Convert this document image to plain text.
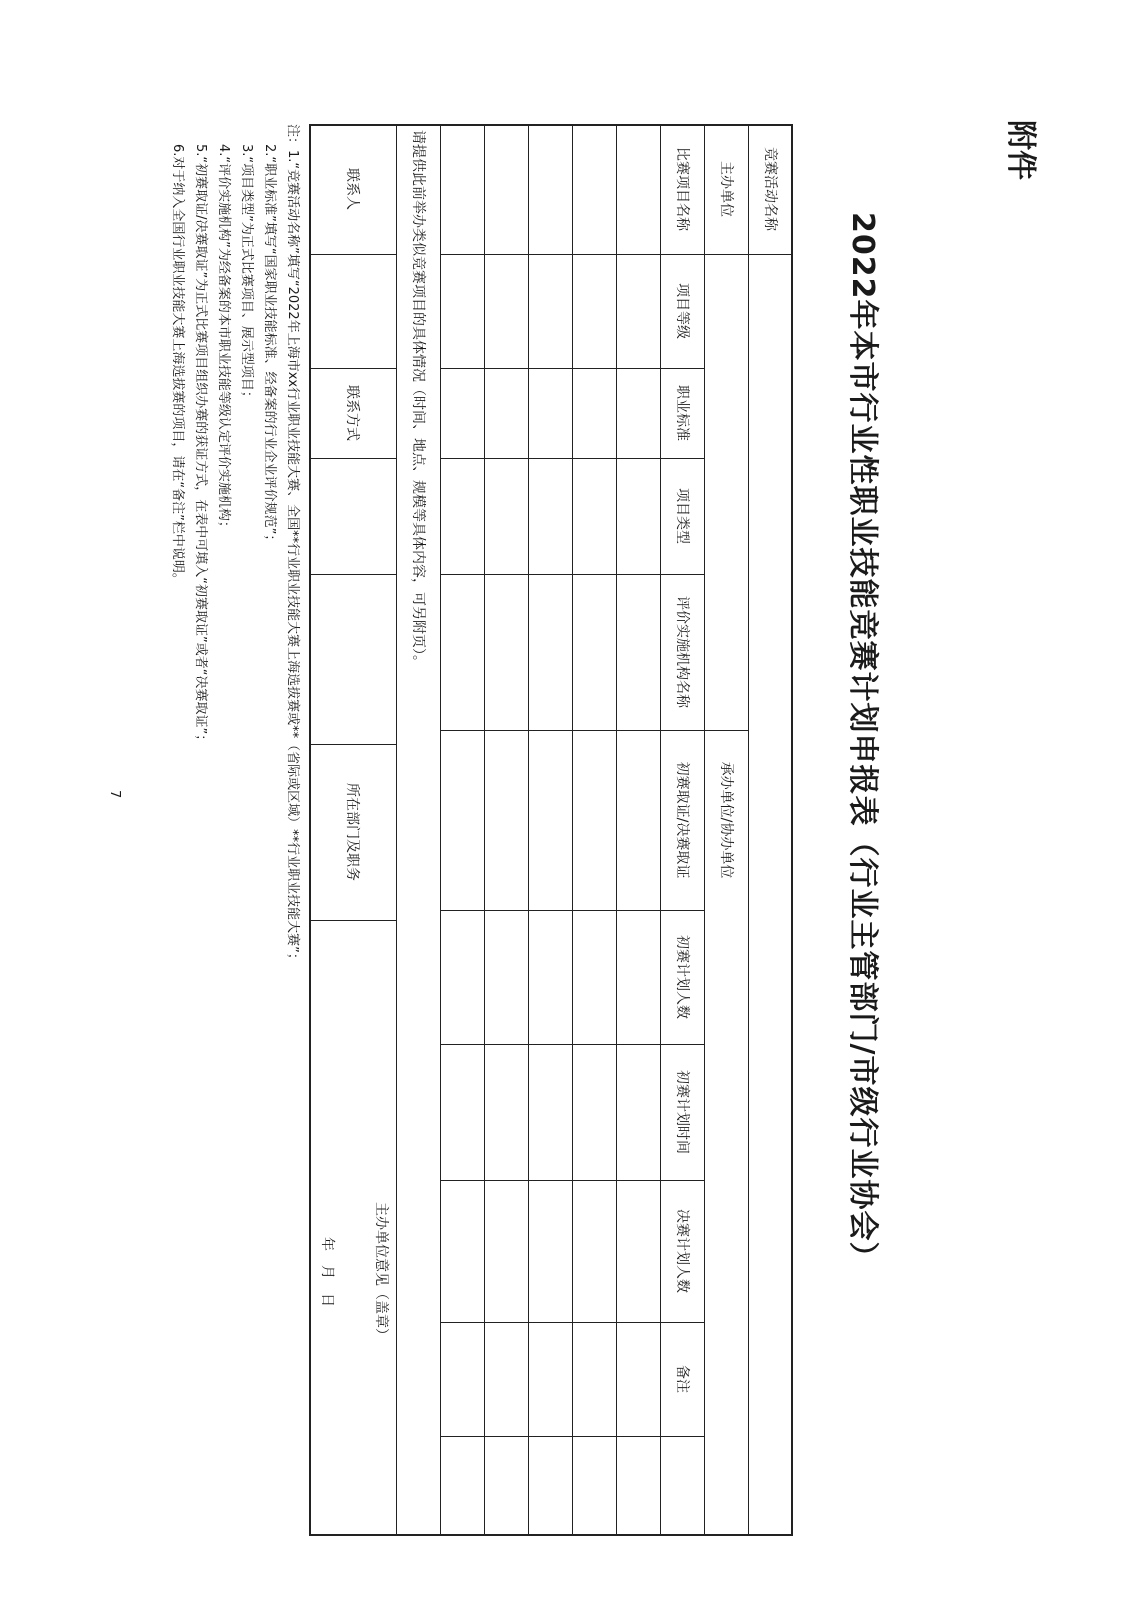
附件
2022年本市行业性职业技能竞赛计划申报表（行业主管部门/市级行业协会）
竞赛活动名称
主办单位
承办单位/协办单位
比赛项目名称
项目等级
职业标准
项目类型
评价实施机构名称
初赛取证/决赛取证
初赛计划人数
初赛计划时间
决赛计划人数
备注
请提供此前举办类似竞赛项目的具体情况（时间、地点、规模等具体内容，可另附页）。
联系人
联系方式
所在部门及职务
主办单位意见（盖章）
年　月　日
注：1.“竞赛活动名称”填写“2022年上海市xx行业职业技能大赛、全国**行业职业技能大赛上海选拔赛或**（省际或区域）**行业职业技能大赛”；
2.“职业标准”填写“国家职业技能标准、经备案的行业企业评价规范”；
3.“项目类型”为正式比赛项目、展示型项目；
4.“评价实施机构”为经备案的本市职业技能等级认定评价实施机构；
5.“初赛取证/决赛取证”为正式比赛项目组织办赛的获证方式，在表中可填入“初赛取证”或者“决赛取证”；
6.对于纳入全国行业职业技能大赛上海选拔赛的项目，请在“备注”栏中说明。
7
